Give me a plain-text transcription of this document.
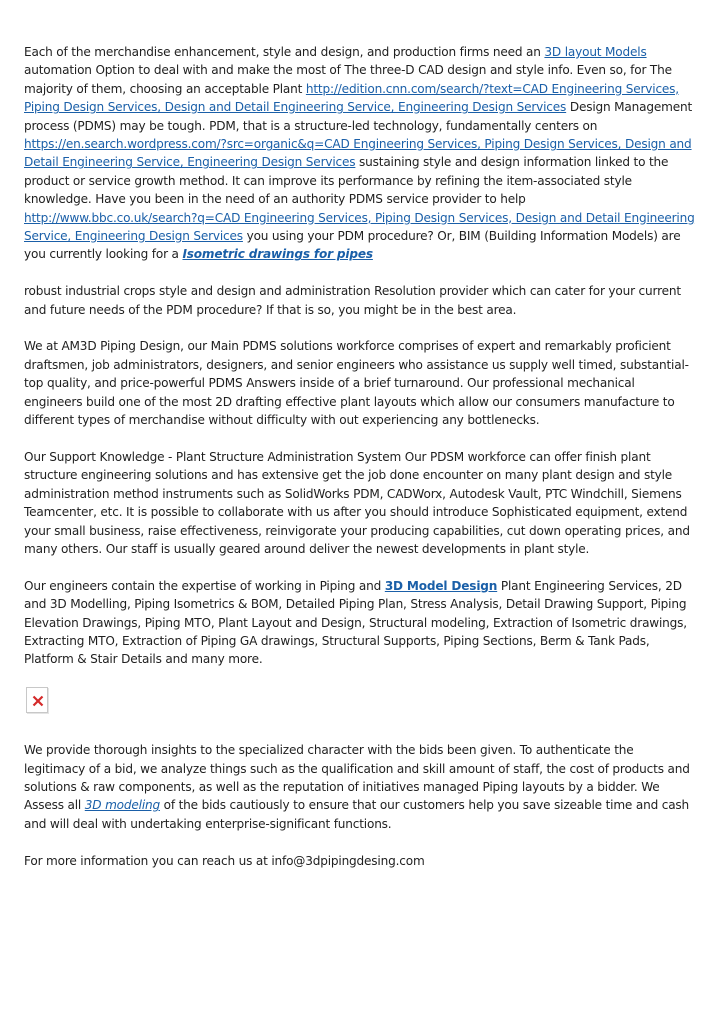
Each of the merchandise enhancement, style and design, and production firms need an 3D layout Models automation Option to deal with and make the most of The three-D CAD design and style info. Even so, for The majority of them, choosing an acceptable Plant http://edition.cnn.com/search/?text=CAD Engineering Services, Piping Design Services, Design and Detail Engineering Service, Engineering Design Services Design Management process (PDMS) may be tough. PDM, that is a structure-led technology, fundamentally centers on https://en.search.wordpress.com/?src=organic&q=CAD Engineering Services, Piping Design Services, Design and Detail Engineering Service, Engineering Design Services sustaining style and design information linked to the product or service growth method. It can improve its performance by refining the item-associated style knowledge. Have you been in the need of an authority PDMS service provider to help http://www.bbc.co.uk/search?q=CAD Engineering Services, Piping Design Services, Design and Detail Engineering Service, Engineering Design Services you using your PDM procedure? Or, BIM (Building Information Models) are you currently looking for a Isometric drawings for pipes

robust industrial crops style and design and administration Resolution provider which can cater for your current and future needs of the PDM procedure? If that is so, you might be in the best area.

We at AM3D Piping Design, our Main PDMS solutions workforce comprises of expert and remarkably proficient draftsmen, job administrators, designers, and senior engineers who assistance us supply well timed, substantial-top quality, and price-powerful PDMS Answers inside of a brief turnaround. Our professional mechanical engineers build one of the most 2D drafting effective plant layouts which allow our consumers manufacture to different types of merchandise without difficulty with out experiencing any bottlenecks.

Our Support Knowledge - Plant Structure Administration System Our PDSM workforce can offer finish plant structure engineering solutions and has extensive get the job done encounter on many plant design and style administration method instruments such as SolidWorks PDM, CADWorx, Autodesk Vault, PTC Windchill, Siemens Teamcenter, etc. It is possible to collaborate with us after you should introduce Sophisticated equipment, extend your small business, raise effectiveness, reinvigorate your producing capabilities, cut down operating prices, and many others. Our staff is usually geared around deliver the newest developments in plant style.

Our engineers contain the expertise of working in Piping and 3D Model Design Plant Engineering Services, 2D and 3D Modelling, Piping Isometrics & BOM, Detailed Piping Plan, Stress Analysis, Detail Drawing Support, Piping Elevation Drawings, Piping MTO, Plant Layout and Design, Structural modeling, Extraction of Isometric drawings, Extracting MTO, Extraction of Piping GA drawings, Structural Supports, Piping Sections, Berm & Tank Pads, Platform & Stair Details and many more.

We provide thorough insights to the specialized character with the bids been given. To authenticate the legitimacy of a bid, we analyze things such as the qualification and skill amount of staff, the cost of products and solutions & raw components, as well as the reputation of initiatives managed Piping layouts by a bidder. We Assess all 3D modeling of the bids cautiously to ensure that our customers help you save sizeable time and cash and will deal with undertaking enterprise-significant functions.

For more information you can reach us at info@3dpipingdesing.com
